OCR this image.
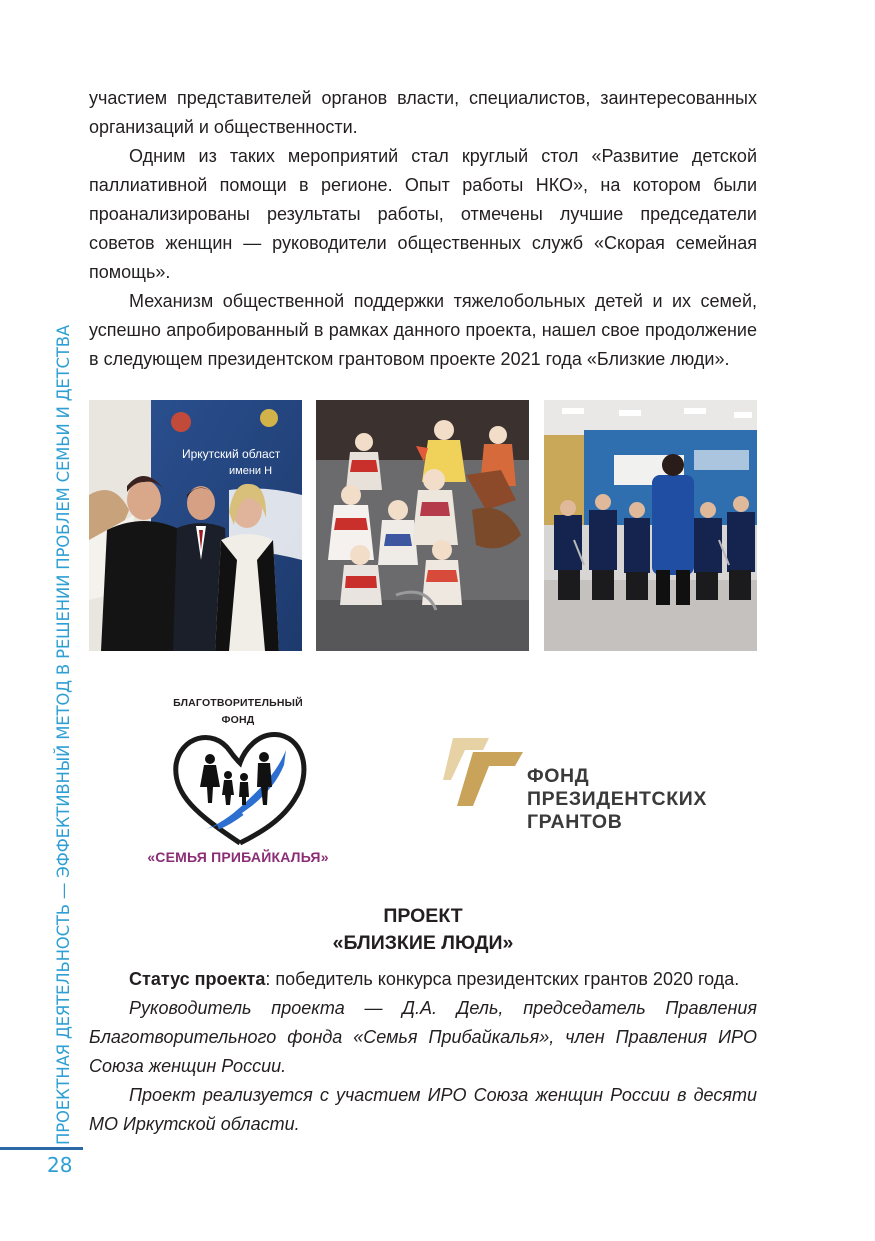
ПРОЕКТНАЯ ДЕЯТЕЛЬНОСТЬ — ЭФФЕКТИВНЫЙ МЕТОД В РЕШЕНИИ ПРОБЛЕМ СЕМЬИ И ДЕТСТВА
28

участием представителей органов власти, специалистов, заинтересованных организаций и общественности.

Одним из таких мероприятий стал круглый стол «Развитие детской паллиативной помощи в регионе. Опыт работы НКО», на котором были проанализированы результаты работы, отмечены лучшие председатели советов женщин — руководители общественных служб «Скорая семейная помощь».

Механизм общественной поддержки тяжелобольных детей и их семей, успешно апробированный в рамках данного проекта, нашел свое продолжение в следующем президентском грантовом проекте 2021 года «Близкие люди».

Иркутский област
имени Н
БЛАГОТВОРИТЕЛЬНЫЙ
ФОНД
«СЕМЬЯ ПРИБАЙКАЛЬЯ»
ФОНД
ПРЕЗИДЕНТСКИХ
ГРАНТОВ
ПРОЕКТ
«БЛИЗКИЕ ЛЮДИ»

Статус проекта: победитель конкурса президентских грантов 2020 года.

Руководитель проекта — Д.А. Дель, председатель Правления Благотворительного фонда «Семья Прибайкалья», член Правления ИРО Союза женщин России.

Проект реализуется с участием ИРО Союза женщин России в десяти МО Иркутской области.
